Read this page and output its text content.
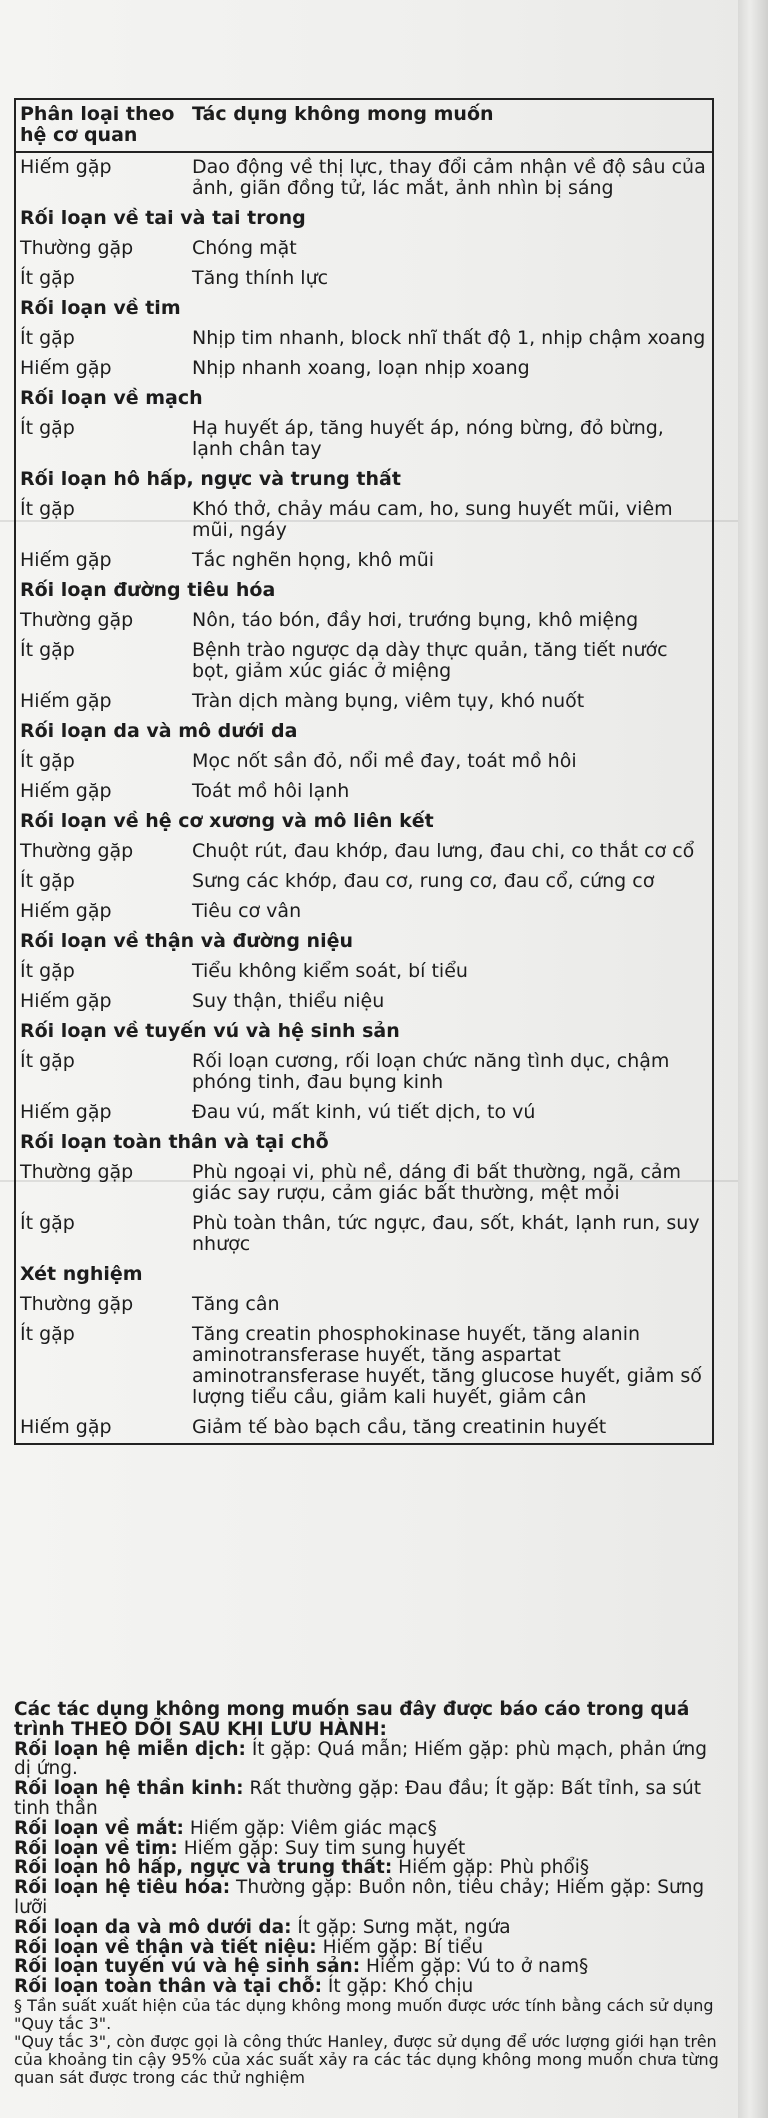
Phân loại theo hệ cơ quan	Tác dụng không mong muốn
Hiếm gặp	Dao động về thị lực, thay đổi cảm nhận về độ sâu của ảnh, giãn đồng tử, lác mắt, ảnh nhìn bị sáng
Rối loạn về tai và tai trong	
Thường gặp	Chóng mặt
Ít gặp	Tăng thính lực
Rối loạn về tim	
Ít gặp	Nhịp tim nhanh, block nhĩ thất độ 1, nhịp chậm xoang
Hiếm gặp	Nhịp nhanh xoang, loạn nhịp xoang
Rối loạn về mạch	
Ít gặp	Hạ huyết áp, tăng huyết áp, nóng bừng, đỏ bừng, lạnh chân tay
Rối loạn hô hấp, ngực và trung thất	
Ít gặp	Khó thở, chảy máu cam, ho, sung huyết mũi, viêm mũi, ngáy
Hiếm gặp	Tắc nghẽn họng, khô mũi
Rối loạn đường tiêu hóa	
Thường gặp	Nôn, táo bón, đầy hơi, trướng bụng, khô miệng
Ít gặp	Bệnh trào ngược dạ dày thực quản, tăng tiết nước bọt, giảm xúc giác ở miệng
Hiếm gặp	Tràn dịch màng bụng, viêm tụy, khó nuốt
Rối loạn da và mô dưới da	
Ít gặp	Mọc nốt sần đỏ, nổi mề đay, toát mồ hôi
Hiếm gặp	Toát mồ hôi lạnh
Rối loạn về hệ cơ xương và mô liên kết	
Thường gặp	Chuột rút, đau khớp, đau lưng, đau chi, co thắt cơ cổ
Ít gặp	Sưng các khớp, đau cơ, rung cơ, đau cổ, cứng cơ
Hiếm gặp	Tiêu cơ vân
Rối loạn về thận và đường niệu	
Ít gặp	Tiểu không kiểm soát, bí tiểu
Hiếm gặp	Suy thận, thiểu niệu
Rối loạn về tuyến vú và hệ sinh sản	
Ít gặp	Rối loạn cương, rối loạn chức năng tình dục, chậm phóng tinh, đau bụng kinh
Hiếm gặp	Đau vú, mất kinh, vú tiết dịch, to vú
Rối loạn toàn thân và tại chỗ	
Thường gặp	Phù ngoại vi, phù nề, dáng đi bất thường, ngã, cảm giác say rượu, cảm giác bất thường, mệt mỏi
Ít gặp	Phù toàn thân, tức ngực, đau, sốt, khát, lạnh run, suy nhược
Xét nghiệm	
Thường gặp	Tăng cân
Ít gặp	Tăng creatin phosphokinase huyết, tăng alanin aminotransferase huyết, tăng aspartat aminotransferase huyết, tăng glucose huyết, giảm số lượng tiểu cầu, giảm kali huyết, giảm cân
Hiếm gặp	Giảm tế bào bạch cầu, tăng creatinin huyết

Các tác dụng không mong muốn sau đây được báo cáo trong quá trình THEO DÕI SAU KHI LƯU HÀNH:

Rối loạn hệ miễn dịch: Ít gặp: Quá mẫn; Hiếm gặp: phù mạch, phản ứng dị ứng.

Rối loạn hệ thần kinh: Rất thường gặp: Đau đầu; Ít gặp: Bất tỉnh, sa sút tinh thần

Rối loạn về mắt: Hiếm gặp: Viêm giác mạc§

Rối loạn về tim: Hiếm gặp: Suy tim sung huyết

Rối loạn hô hấp, ngực và trung thất: Hiếm gặp: Phù phổi§

Rối loạn hệ tiêu hóa: Thường gặp: Buồn nôn, tiêu chảy; Hiếm gặp: Sưng lưỡi

Rối loạn da và mô dưới da: Ít gặp: Sưng mặt, ngứa

Rối loạn về thận và tiết niệu: Hiếm gặp: Bí tiểu

Rối loạn tuyến vú và hệ sinh sản: Hiếm gặp: Vú to ở nam§

Rối loạn toàn thân và tại chỗ: Ít gặp: Khó chịu

§ Tần suất xuất hiện của tác dụng không mong muốn được ước tính bằng cách sử dụng "Quy tắc 3".

"Quy tắc 3", còn được gọi là công thức Hanley, được sử dụng để ước lượng giới hạn trên của khoảng tin cậy 95% của xác suất xảy ra các tác dụng không mong muốn chưa từng quan sát được trong các thử nghiệm
